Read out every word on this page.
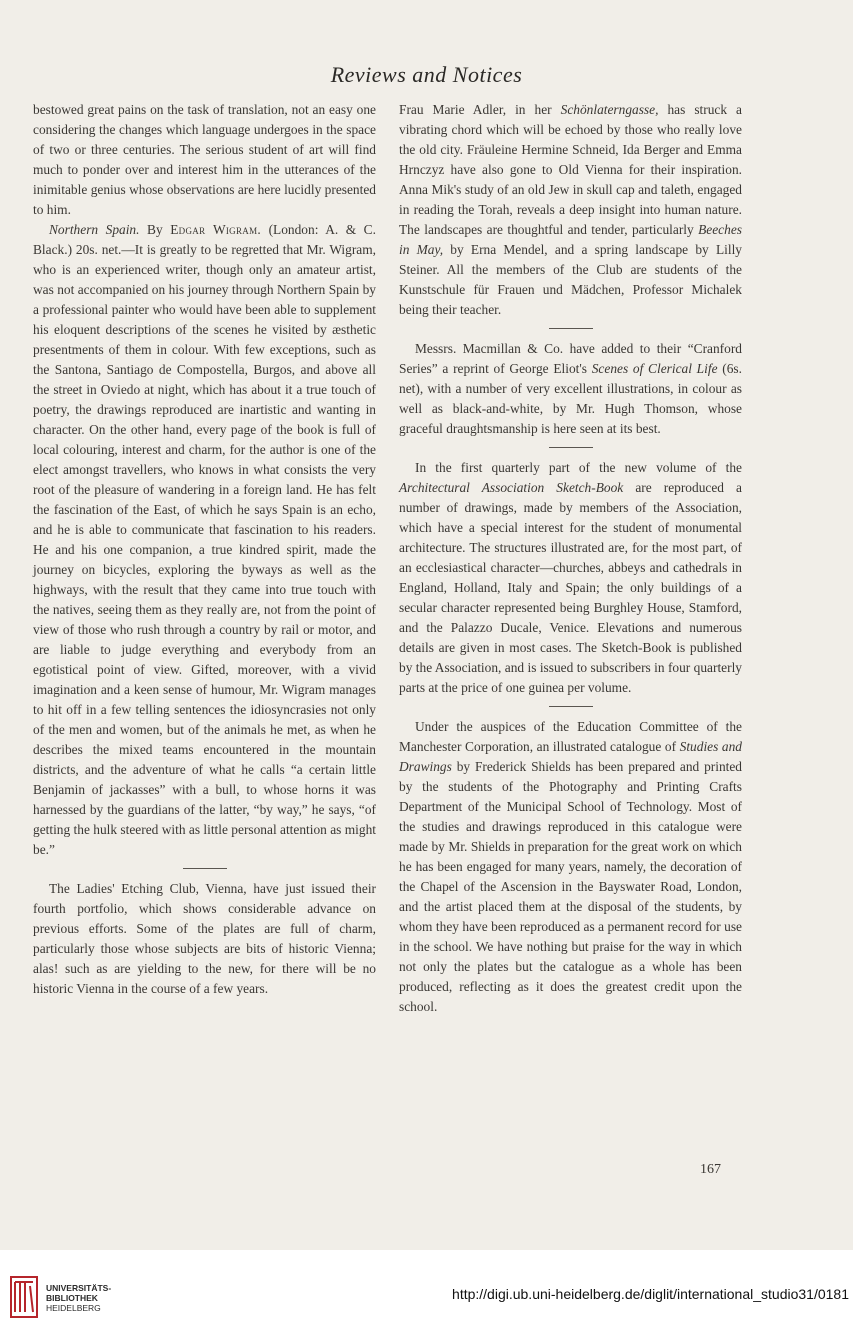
Reviews and Notices

bestowed great pains on the task of translation, not an easy one considering the changes which language undergoes in the space of two or three centuries. The serious student of art will find much to ponder over and interest him in the utterances of the inimitable genius whose observations are here lucidly presented to him.

Northern Spain. By Edgar Wigram. (London: A. & C. Black.) 20s. net.—It is greatly to be regretted that Mr. Wigram, who is an experienced writer, though only an amateur artist, was not accompanied on his journey through Northern Spain by a professional painter who would have been able to supplement his eloquent descriptions of the scenes he visited by æsthetic presentments of them in colour. With few exceptions, such as the Santona, Santiago de Compostella, Burgos, and above all the street in Oviedo at night, which has about it a true touch of poetry, the drawings reproduced are inartistic and wanting in character. On the other hand, every page of the book is full of local colouring, interest and charm, for the author is one of the elect amongst travellers, who knows in what consists the very root of the pleasure of wandering in a foreign land. He has felt the fascination of the East, of which he says Spain is an echo, and he is able to communicate that fascination to his readers. He and his one companion, a true kindred spirit, made the journey on bicycles, exploring the byways as well as the highways, with the result that they came into true touch with the natives, seeing them as they really are, not from the point of view of those who rush through a country by rail or motor, and are liable to judge everything and everybody from an egotistical point of view. Gifted, moreover, with a vivid imagination and a keen sense of humour, Mr. Wigram manages to hit off in a few telling sentences the idiosyncrasies not only of the men and women, but of the animals he met, as when he describes the mixed teams encountered in the mountain districts, and the adventure of what he calls “a certain little Benjamin of jackasses” with a bull, to whose horns it was harnessed by the guardians of the latter, “by way,” he says, “of getting the hulk steered with as little personal attention as might be.”

The Ladies' Etching Club, Vienna, have just issued their fourth portfolio, which shows considerable advance on previous efforts. Some of the plates are full of charm, particularly those whose subjects are bits of historic Vienna; alas! such as are yielding to the new, for there will be no historic Vienna in the course of a few years.

Frau Marie Adler, in her Schönlaterngasse, has struck a vibrating chord which will be echoed by those who really love the old city. Fräuleine Hermine Schneid, Ida Berger and Emma Hrnczyz have also gone to Old Vienna for their inspiration. Anna Mik's study of an old Jew in skull cap and taleth, engaged in reading the Torah, reveals a deep insight into human nature. The landscapes are thoughtful and tender, particularly Beeches in May, by Erna Mendel, and a spring landscape by Lilly Steiner. All the members of the Club are students of the Kunstschule für Frauen und Mädchen, Professor Michalek being their teacher.

Messrs. Macmillan & Co. have added to their “Cranford Series” a reprint of George Eliot's Scenes of Clerical Life (6s. net), with a number of very excellent illustrations, in colour as well as black-and-white, by Mr. Hugh Thomson, whose graceful draughtsmanship is here seen at its best.

In the first quarterly part of the new volume of the Architectural Association Sketch-Book are reproduced a number of drawings, made by members of the Association, which have a special interest for the student of monumental architecture. The structures illustrated are, for the most part, of an ecclesiastical character—churches, abbeys and cathedrals in England, Holland, Italy and Spain; the only buildings of a secular character represented being Burghley House, Stamford, and the Palazzo Ducale, Venice. Elevations and numerous details are given in most cases. The Sketch-Book is published by the Association, and is issued to subscribers in four quarterly parts at the price of one guinea per volume.

Under the auspices of the Education Committee of the Manchester Corporation, an illustrated catalogue of Studies and Drawings by Frederick Shields has been prepared and printed by the students of the Photography and Printing Crafts Department of the Municipal School of Technology. Most of the studies and drawings reproduced in this catalogue were made by Mr. Shields in preparation for the great work on which he has been engaged for many years, namely, the decoration of the Chapel of the Ascension in the Bayswater Road, London, and the artist placed them at the disposal of the students, by whom they have been reproduced as a permanent record for use in the school. We have nothing but praise for the way in which not only the plates but the catalogue as a whole has been produced, reflecting as it does the greatest credit upon the school.

167
UNIVERSITÄTS-
BIBLIOTHEK
HEIDELBERG
http://digi.ub.uni-heidelberg.de/diglit/international_studio31/0181
